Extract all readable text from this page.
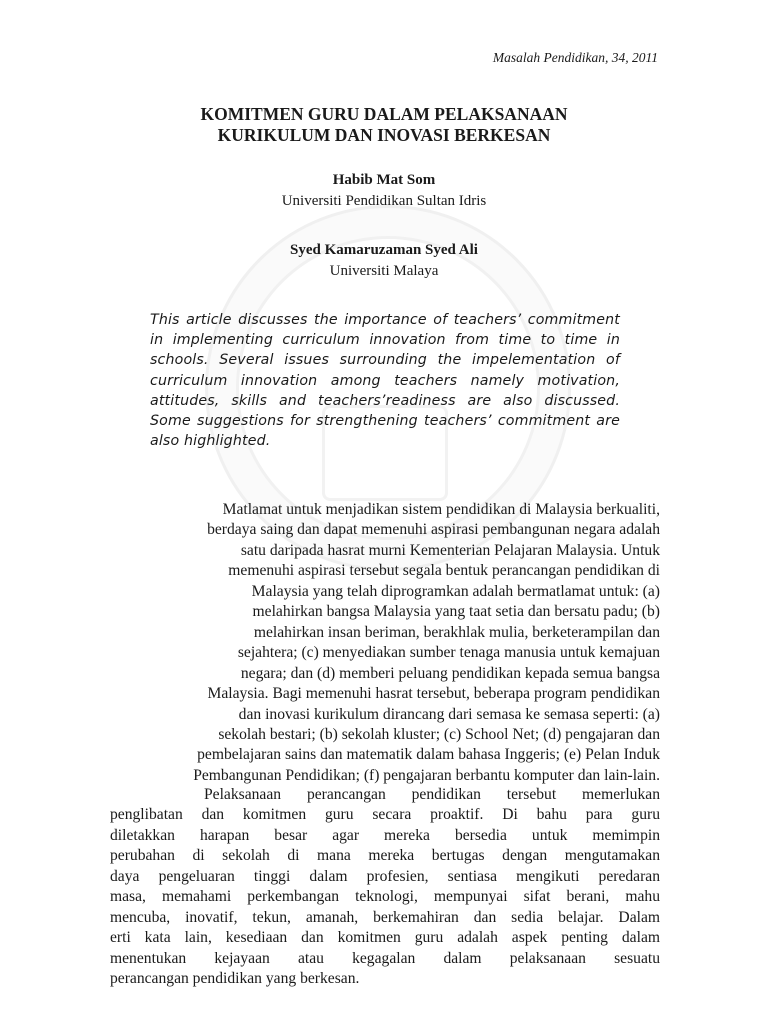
Masalah Pendidikan, 34, 2011
KOMITMEN GURU DALAM PELAKSANAAN
KURIKULUM DAN INOVASI BERKESAN
Habib Mat Som
Universiti Pendidikan Sultan Idris
Syed Kamaruzaman Syed Ali
Universiti Malaya
This article discusses the importance of teachers’ commitment in implementing curriculum innovation from time to time in schools. Several issues surrounding the impelementation of curriculum innovation among teachers namely motivation, attitudes, skills and teachers’readiness are also discussed. Some suggestions for strengthening teachers’ commitment are also highlighted.
Matlamat untuk menjadikan sistem pendidikan di Malaysia berkualiti,
berdaya saing dan dapat memenuhi aspirasi pembangunan negara adalah
satu daripada hasrat murni Kementerian Pelajaran Malaysia. Untuk
memenuhi aspirasi tersebut segala bentuk perancangan pendidikan di
Malaysia yang telah diprogramkan adalah bermatlamat untuk: (a)
melahirkan bangsa Malaysia yang taat setia dan bersatu padu; (b)
melahirkan insan beriman, berakhlak mulia, berketerampilan dan
sejahtera; (c) menyediakan sumber tenaga manusia untuk kemajuan
negara; dan (d) memberi peluang pendidikan kepada semua bangsa
Malaysia. Bagi memenuhi hasrat tersebut, beberapa program pendidikan
dan inovasi kurikulum dirancang dari semasa ke semasa seperti: (a)
sekolah bestari; (b) sekolah kluster; (c) School Net; (d) pengajaran dan
pembelajaran sains dan matematik dalam bahasa Inggeris; (e) Pelan Induk
Pembangunan Pendidikan; (f) pengajaran berbantu komputer dan lain-lain.
Pelaksanaan perancangan pendidikan tersebut memerlukan
penglibatan dan komitmen guru secara proaktif. Di bahu para guru
diletakkan harapan besar agar mereka bersedia untuk memimpin
perubahan di sekolah di mana mereka bertugas dengan mengutamakan
daya pengeluaran tinggi dalam profesien, sentiasa mengikuti peredaran
masa, memahami perkembangan teknologi, mempunyai sifat berani, mahu
mencuba, inovatif, tekun, amanah, berkemahiran dan sedia belajar. Dalam
erti kata lain, kesediaan dan komitmen guru adalah aspek penting dalam
menentukan kejayaan atau kegagalan dalam pelaksanaan sesuatu
perancangan pendidikan yang berkesan.
